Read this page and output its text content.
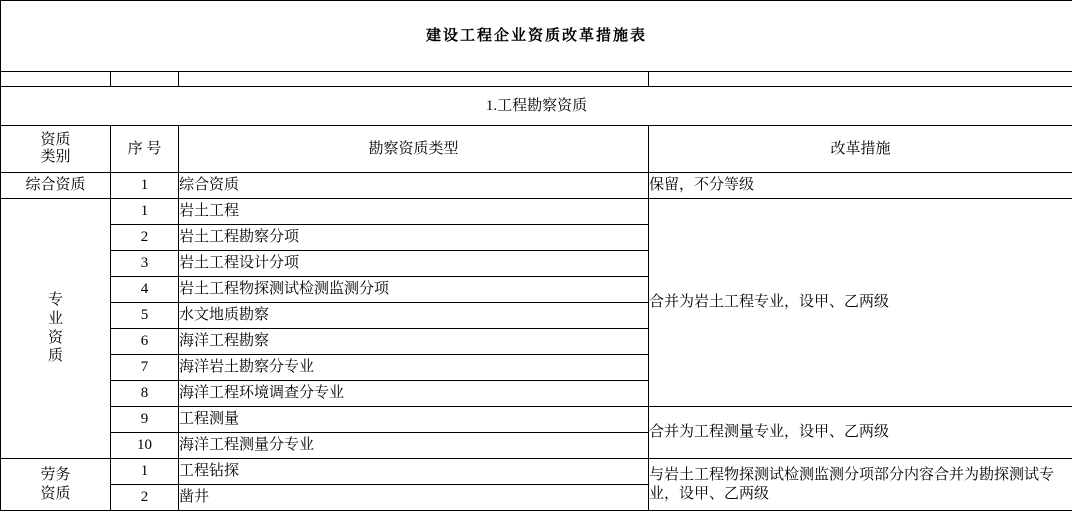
建设工程企业资质改革措施表			

1.工程勘察资质			

资质
类别	序 号	勘察资质类型	改革措施
综合资质	1	综合资质	保留，不分等级

专
业
资
质	1	岩土工程	合并为岩土工程专业，设甲、乙两级
	2	岩土工程勘察分项	
	3	岩土工程设计分项	
	4	岩土工程物探测试检测监测分项	
	5	水文地质勘察	
	6	海洋工程勘察	
	7	海洋岩土勘察分专业	
	8	海洋工程环境调查分专业	
	9	工程测量	合并为工程测量专业，设甲、乙两级
	10	海洋工程测量分专业	

劳务
资质	1	工程钻探	与岩土工程物探测试检测监测分项部分内容合并为勘探测试专业，设甲、乙两级
	2	凿井	
